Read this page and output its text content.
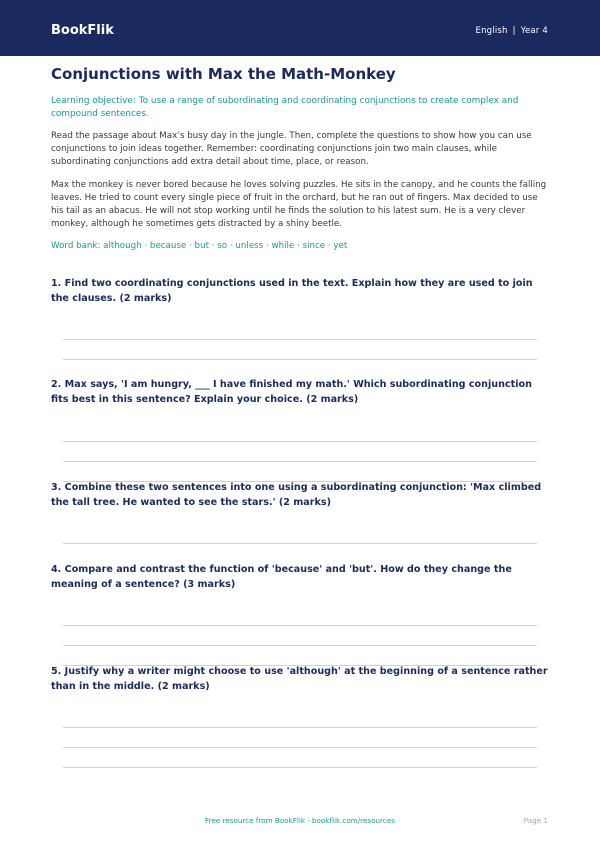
BookFlik	English | Year 4
Conjunctions with Max the Math-Monkey
Learning objective: To use a range of subordinating and coordinating conjunctions to create complex and compound sentences.
Read the passage about Max’s busy day in the jungle. Then, complete the questions to show how you can use conjunctions to join ideas together. Remember: coordinating conjunctions join two main clauses, while subordinating conjunctions add extra detail about time, place, or reason.
Max the monkey is never bored because he loves solving puzzles. He sits in the canopy, and he counts the falling leaves. He tried to count every single piece of fruit in the orchard, but he ran out of fingers. Max decided to use his tail as an abacus. He will not stop working until he finds the solution to his latest sum. He is a very clever monkey, although he sometimes gets distracted by a shiny beetle.
Word bank: although · because · but · so · unless · while · since · yet
1. Find two coordinating conjunctions used in the text. Explain how they are used to join the clauses. (2 marks)
2. Max says, 'I am hungry, ___ I have finished my math.' Which subordinating conjunction fits best in this sentence? Explain your choice. (2 marks)
3. Combine these two sentences into one using a subordinating conjunction: 'Max climbed the tall tree. He wanted to see the stars.' (2 marks)
4. Compare and contrast the function of 'because' and 'but'. How do they change the meaning of a sentence? (3 marks)
5. Justify why a writer might choose to use 'although' at the beginning of a sentence rather than in the middle. (2 marks)
Free resource from BookFlik · bookflik.com/resources	Page 1
